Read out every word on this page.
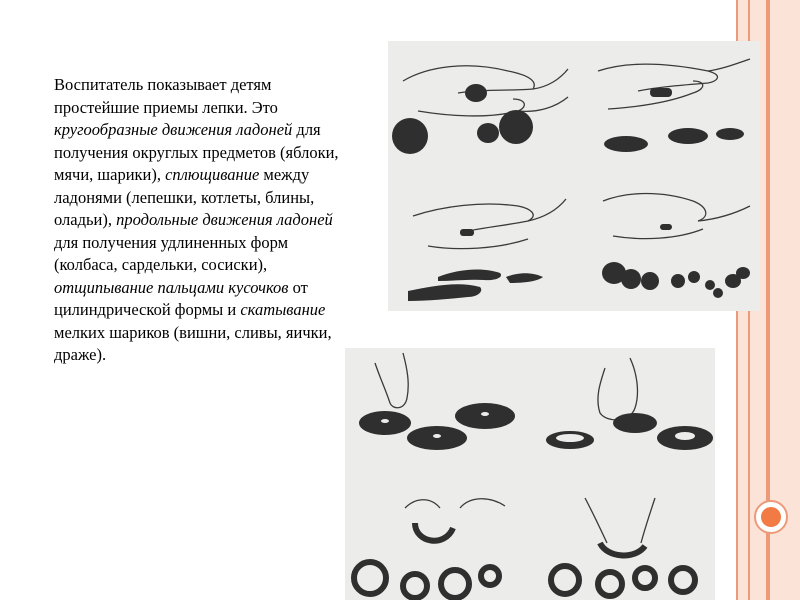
Воспитатель показывает детям простейшие приемы лепки. Это кругообразные движения ладоней для получения округлых предметов (яблоки, мячи, шарики), сплющивание между ладонями (лепешки, котлеты, блины, оладьи), продольные движения ладоней для получения удлиненных форм (колбаса, сардельки, сосиски), отщипывание пальцами кусочков от цилиндрической формы и скатывание мелких шариков (вишни, сливы, яички, драже).
